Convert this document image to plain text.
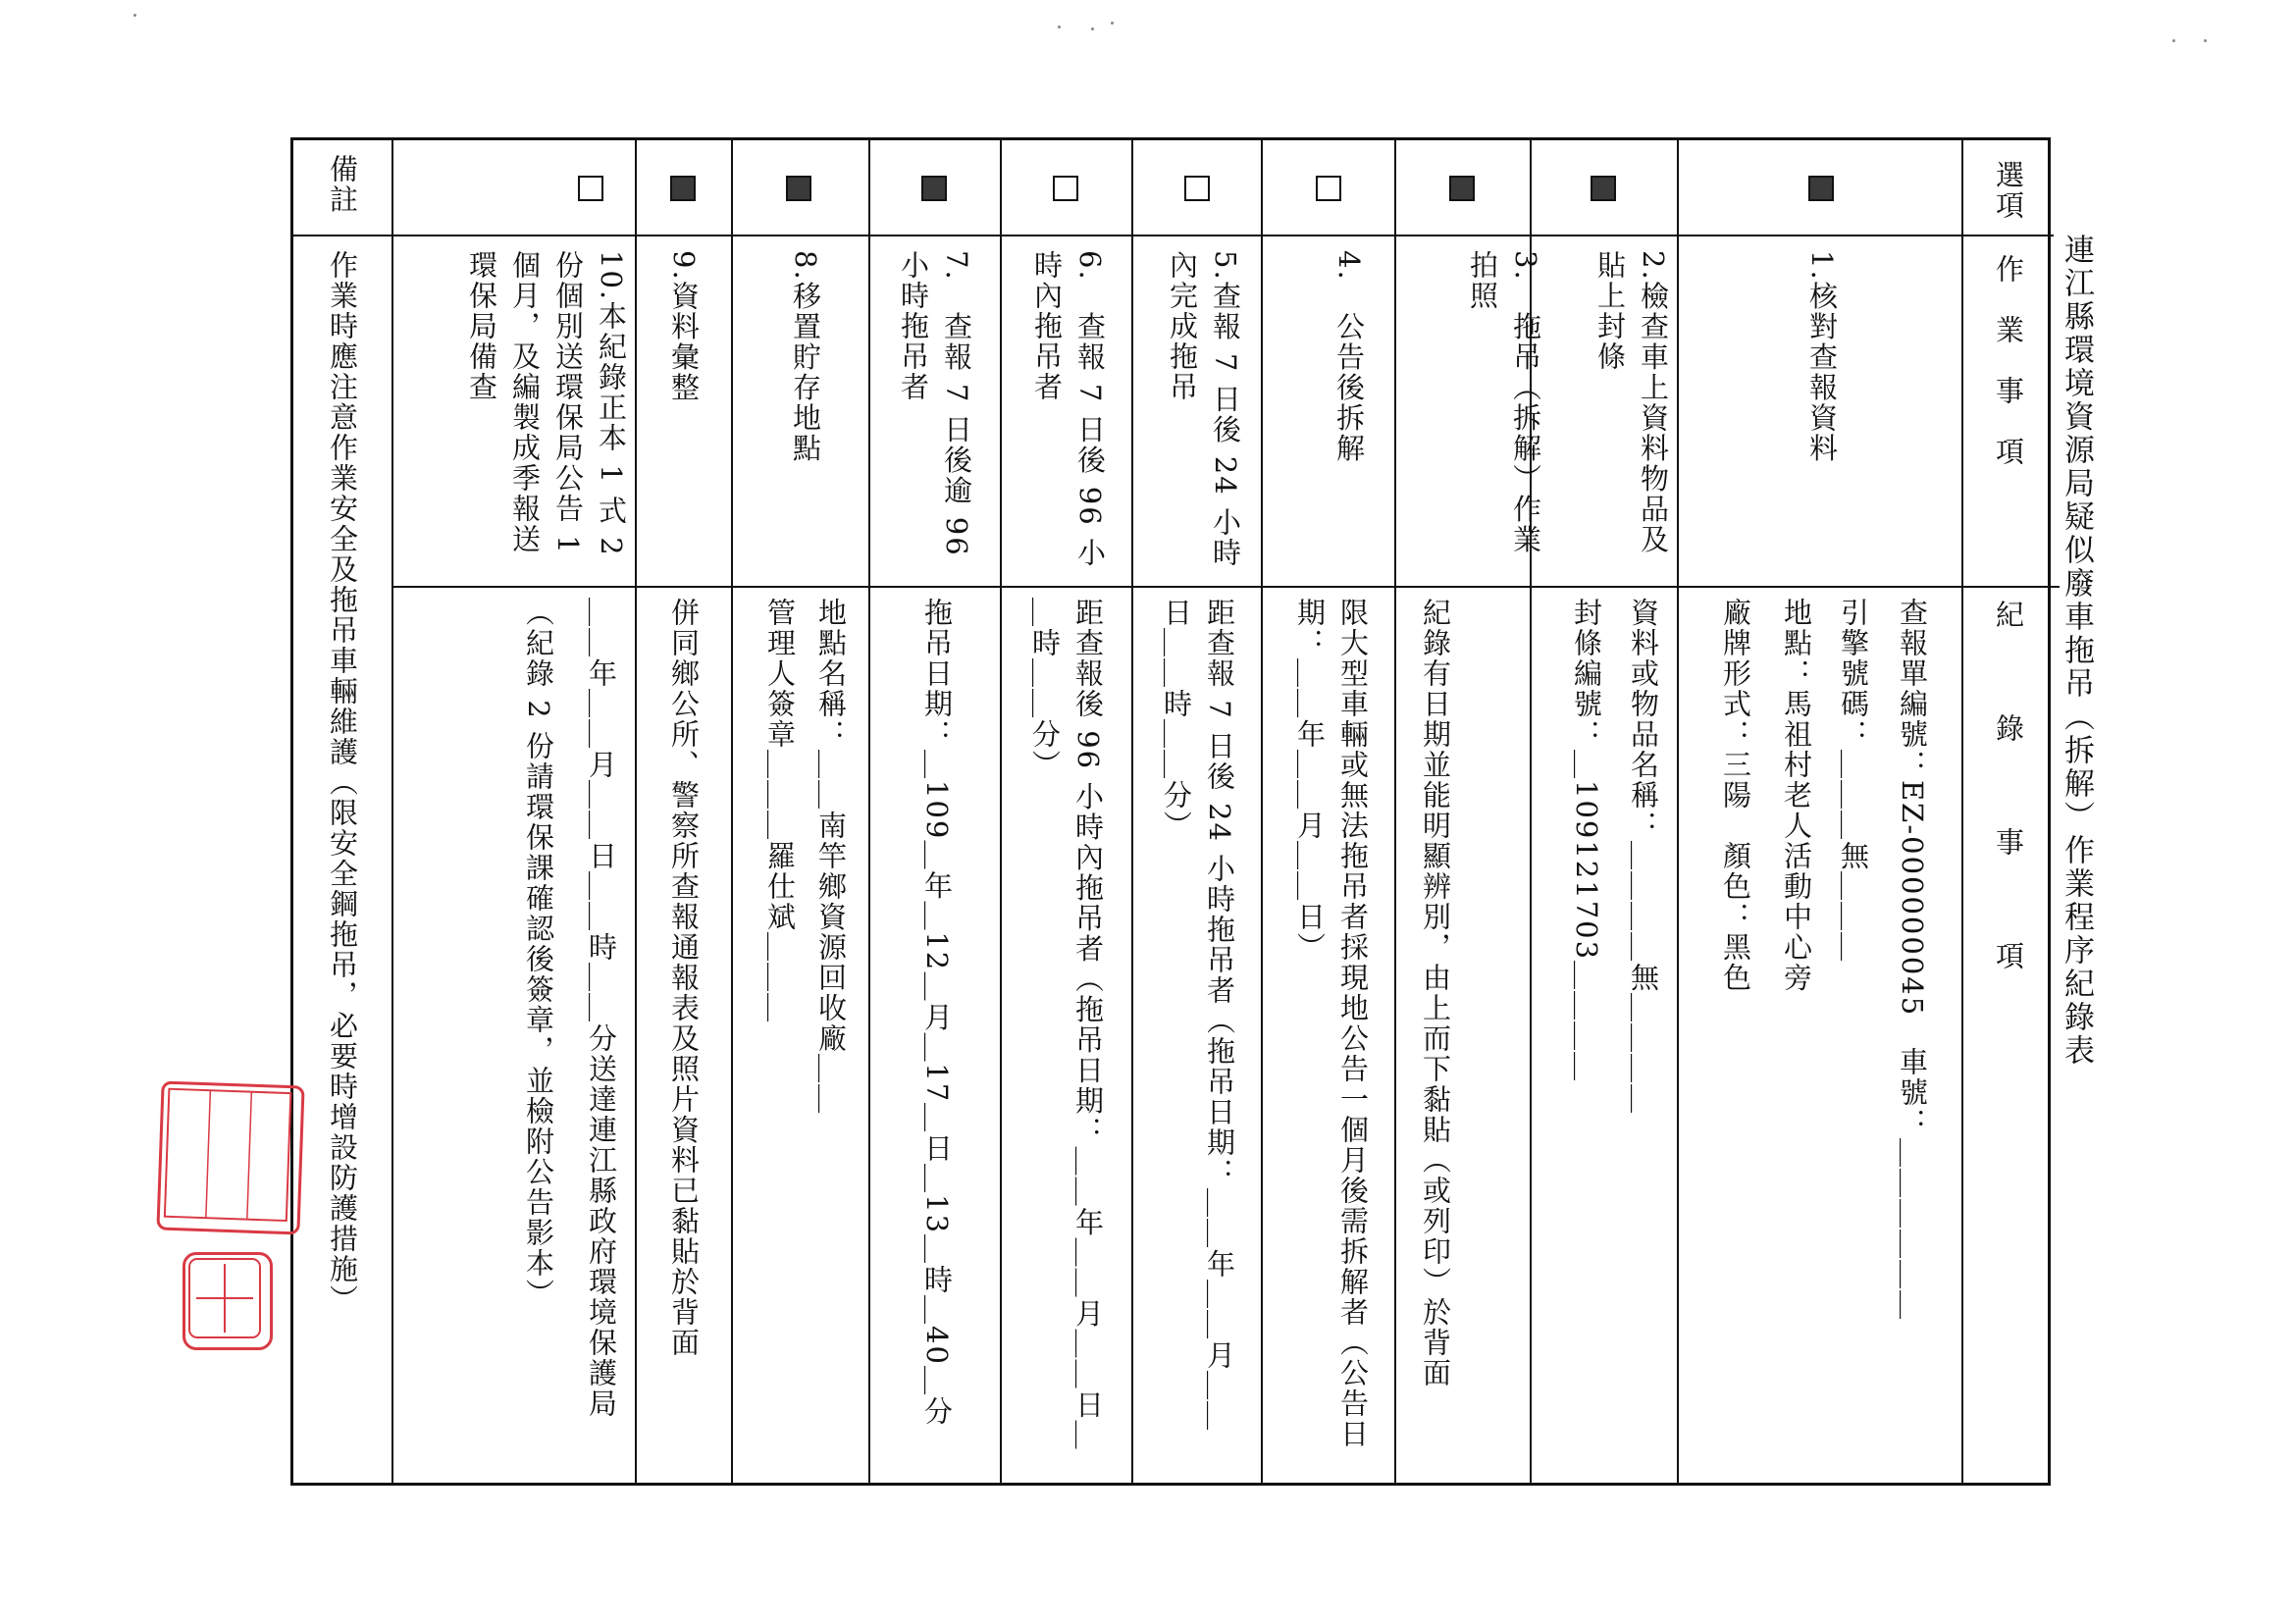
連江縣環境資源局疑似廢車拖吊（拆解）作業程序紀錄表
選項
作　業　事　項
紀　　　錄　　　事　　　項
1.核對查報資料
查報單編號：EZ-000000045　車號：＿＿＿＿＿＿
引擎號碼：＿＿＿無＿＿＿
地點：馬祖村老人活動中心旁
廠牌形式：三陽　顏色：黑色
2.檢查車上資料物品及貼上封條
資料或物品名稱：＿＿＿＿無＿＿＿＿
封條編號：＿109121703＿＿＿＿
3.　拖吊（拆解）作業拍照
紀錄有日期並能明顯辨別，由上而下黏貼（或列印）於背面
4.　公告後拆解
限大型車輛或無法拖吊者採現地公告一個月後需拆解者（公告日期：＿＿年＿＿月＿＿日）
5.查報 7 日後 24 小時內完成拖吊
距查報 7 日後 24 小時拖吊者（拖吊日期：＿＿年＿＿月＿＿日＿＿時＿＿分）
6.　查報 7 日後 96 小時內拖吊者
距查報後 96 小時內拖吊者（拖吊日期：＿＿年＿＿月＿＿日＿＿時＿＿分）
7.　查報 7 日後逾 96 小時拖吊者
拖吊日期：＿109＿年＿12＿月＿17＿日＿13＿時＿40＿分
8.移置貯存地點
地點名稱：＿＿南竿鄉資源回收廠＿＿
管理人簽章＿＿＿羅仕斌＿＿＿
9.資料彙整
併同鄉公所、警察所查報通報表及照片資料已黏貼於背面
10.本紀錄正本 1 式 2 份個別送環保局公告 1 個月，及編製成季報送環保局備查
＿＿年＿＿月＿＿日＿＿時＿＿分送達連江縣政府環境保護局
（紀錄 2 份請環保課確認後簽章，並檢附公告影本）
備註
作業時應注意作業安全及拖吊車輛維護（限安全鋼拖吊，必要時增設防護措施）
